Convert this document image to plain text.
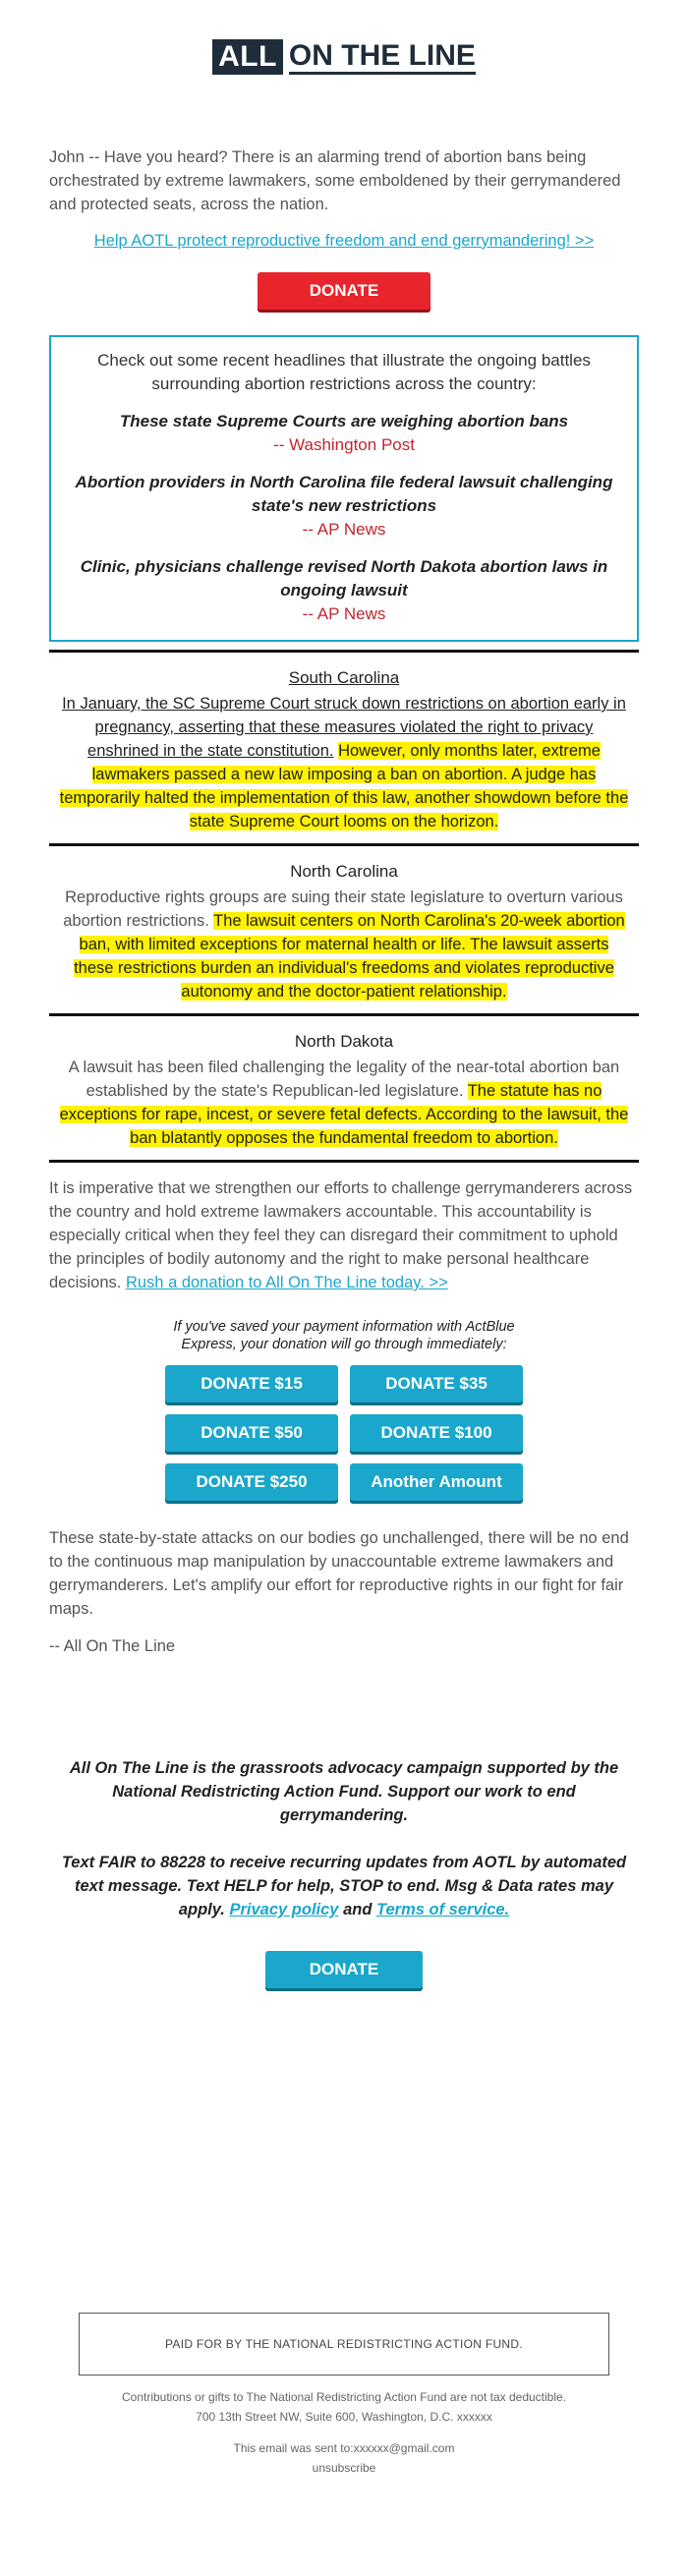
ALL ON THE LINE

John -- Have you heard? There is an alarming trend of abortion bans being orchestrated by extreme lawmakers, some emboldened by their gerrymandered and protected seats, across the nation.

Help AOTL protect reproductive freedom and end gerrymandering! >>
DONATE
Check out some recent headlines that illustrate the ongoing battles surrounding abortion restrictions across the country:
These state Supreme Courts are weighing abortion bans
-- Washington Post
Abortion providers in North Carolina file federal lawsuit challenging state's new restrictions
-- AP News
Clinic, physicians challenge revised North Dakota abortion laws in ongoing lawsuit
-- AP News
South Carolina
In January, the SC Supreme Court struck down restrictions on abortion early in pregnancy, asserting that these measures violated the right to privacy enshrined in the state constitution. However, only months later, extreme lawmakers passed a new law imposing a ban on abortion. A judge has temporarily halted the implementation of this law, another showdown before the state Supreme Court looms on the horizon.
North Carolina
Reproductive rights groups are suing their state legislature to overturn various abortion restrictions. The lawsuit centers on North Carolina's 20-week abortion ban, with limited exceptions for maternal health or life. The lawsuit asserts these restrictions burden an individual's freedoms and violates reproductive autonomy and the doctor-patient relationship.
North Dakota
A lawsuit has been filed challenging the legality of the near-total abortion ban established by the state's Republican-led legislature. The statute has no exceptions for rape, incest, or severe fetal defects. According to the lawsuit, the ban blatantly opposes the fundamental freedom to abortion.

It is imperative that we strengthen our efforts to challenge gerrymanderers across the country and hold extreme lawmakers accountable. This accountability is especially critical when they feel they can disregard their commitment to uphold the principles of bodily autonomy and the right to make personal healthcare decisions. Rush a donation to All On The Line today. >>

If you've saved your payment information with ActBlue Express, your donation will go through immediately:
DONATE $15	DONATE $35
DONATE $50	DONATE $100
DONATE $250	Another Amount

These state-by-state attacks on our bodies go unchallenged, there will be no end to the continuous map manipulation by unaccountable extreme lawmakers and gerrymanderers. Let's amplify our effort for reproductive rights in our fight for fair maps.

-- All On The Line

All On The Line is the grassroots advocacy campaign supported by the National Redistricting Action Fund. Support our work to end gerrymandering.
Text FAIR to 88228 to receive recurring updates from AOTL by automated text message. Text HELP for help, STOP to end. Msg & Data rates may apply. Privacy policy and Terms of service.
DONATE
PAID FOR BY THE NATIONAL REDISTRICTING ACTION FUND.
Contributions or gifts to The National Redistricting Action Fund are not tax deductible.
700 13th Street NW, Suite 600, Washington, D.C. xxxxxx
This email was sent to:xxxxxx@gmail.com
unsubscribe
